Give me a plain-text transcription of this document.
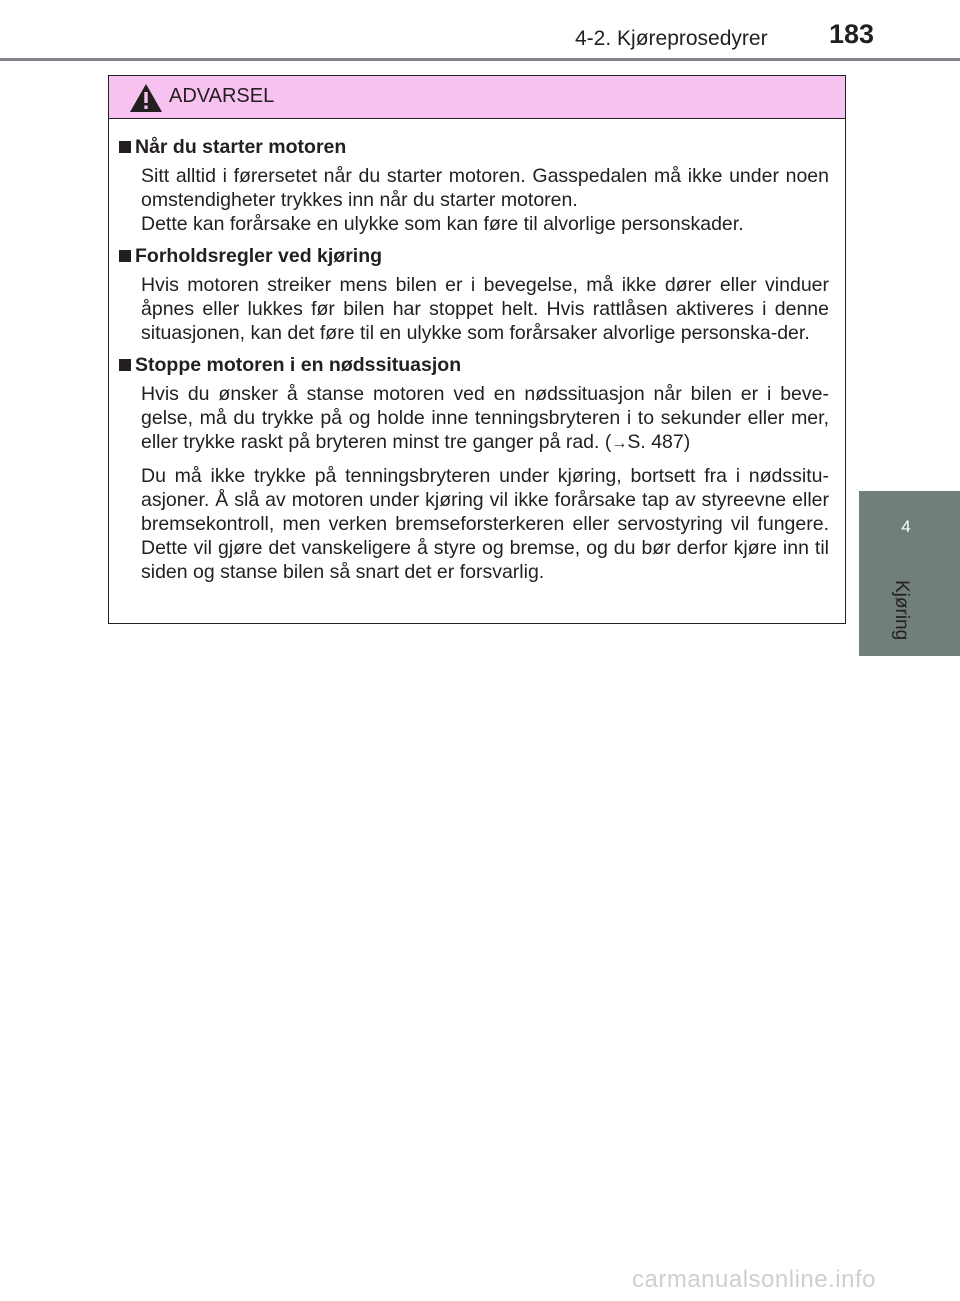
4-2. Kjøreprosedyrer 183
4
Kjøring
ADVARSEL
Når du starter motoren

Sitt alltid i førersetet når du starter motoren. Gasspedalen må ikke under noen omstendigheter trykkes inn når du starter motoren.

Dette kan forårsake en ulykke som kan føre til alvorlige personskader.

Forholdsregler ved kjøring

Hvis motoren streiker mens bilen er i bevegelse, må ikke dører eller vinduer åpnes eller lukkes før bilen har stoppet helt. Hvis rattlåsen aktiveres i denne situasjonen, kan det føre til en ulykke som forårsaker alvorlige personska-der.

Stoppe motoren i en nødssituasjon

Hvis du ønsker å stanse motoren ved en nødssituasjon når bilen er i beve-gelse, må du trykke på og holde inne tenningsbryteren i to sekunder eller mer, eller trykke raskt på bryteren minst tre ganger på rad. (→S. 487)

Du må ikke trykke på tenningsbryteren under kjøring, bortsett fra i nødssitu-asjoner. Å slå av motoren under kjøring vil ikke forårsake tap av styreevne eller bremsekontroll, men verken bremseforsterkeren eller servostyring vil fungere. Dette vil gjøre det vanskeligere å styre og bremse, og du bør derfor kjøre inn til siden og stanse bilen så snart det er forsvarlig.

carmanualsonline.info
